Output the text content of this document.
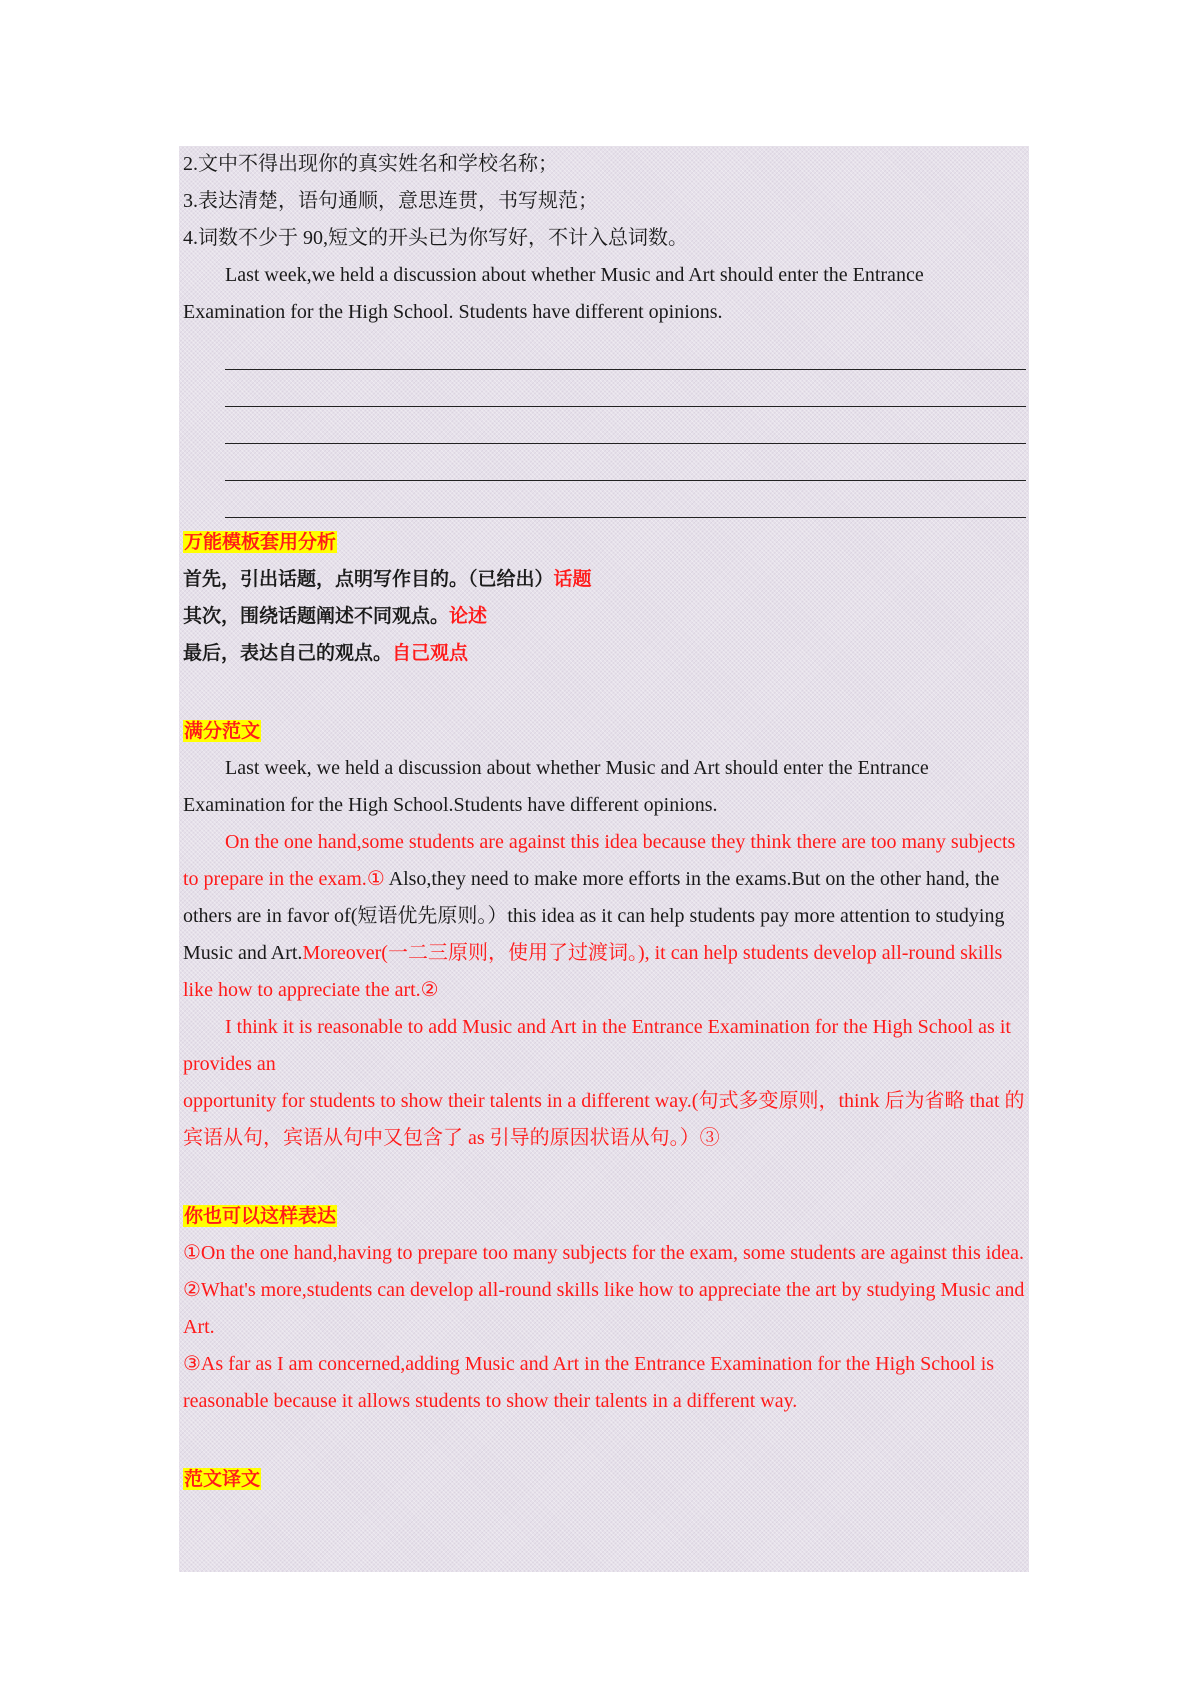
2.文中不得出现你的真实姓名和学校名称；

3.表达清楚，语句通顺，意思连贯，书写规范；

4.词数不少于 90,短文的开头已为你写好，不计入总词数。

Last week,we held a discussion about whether Music and Art should enter the Entrance Examination for the High School. Students have different opinions.

万能模板套用分析

首先，引出话题，点明写作目的。（已给出）话题

其次，围绕话题阐述不同观点。论述

最后，表达自己的观点。自己观点

满分范文

Last week, we held a discussion about whether Music and Art should enter the Entrance Examination for the High School.Students have different opinions.

On the one hand,some students are against this idea because they think there are too many subjects to prepare in the exam.① Also,they need to make more efforts in the exams.But on the other hand, the others are in favor of(短语优先原则。）this idea as it can help students pay more attention to studying Music and Art.Moreover(一二三原则，使用了过渡词。), it can help students develop all-round skills like how to appreciate the art.②

I think it is reasonable to add Music and Art in the Entrance Examination for the High School as it provides an

opportunity for students to show their talents in a different way.(句式多变原则，think 后为省略 that 的宾语从句，宾语从句中又包含了 as 引导的原因状语从句。）③

你也可以这样表达

①On the one hand,having to prepare too many subjects for the exam, some students are against this idea.

②What's more,students can develop all-round skills like how to appreciate the art by studying Music and Art.

③As far as I am concerned,adding Music and Art in the Entrance Examination for the High School is reasonable because it allows students to show their talents in a different way.

范文译文
